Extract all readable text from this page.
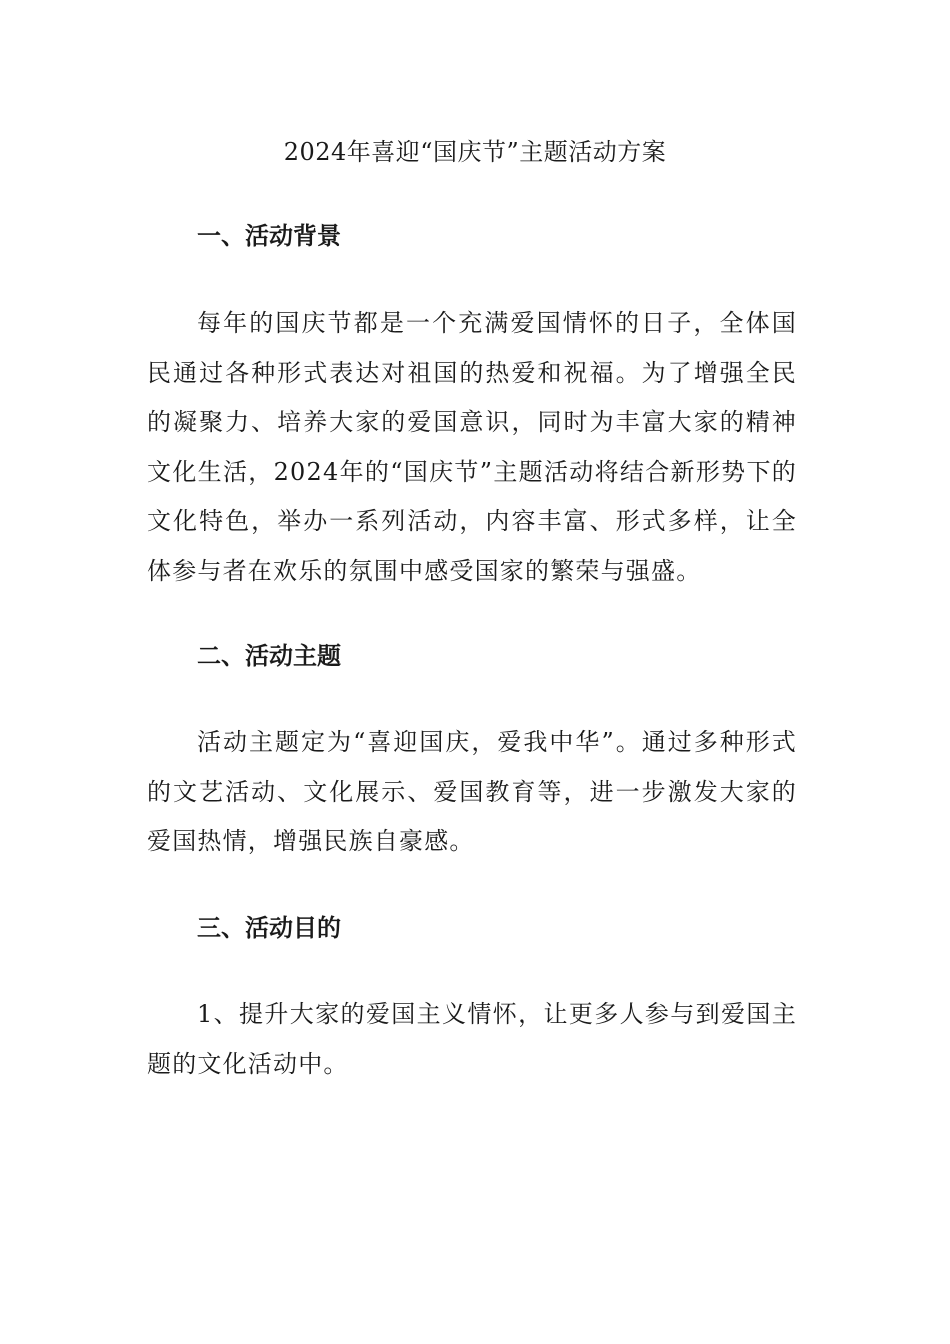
2024年喜迎“国庆节”主题活动方案
一、活动背景

每年的国庆节都是一个充满爱国情怀的日子，全体国民通过各种形式表达对祖国的热爱和祝福。为了增强全民的凝聚力、培养大家的爱国意识，同时为丰富大家的精神文化生活，2024年的“国庆节”主题活动将结合新形势下的文化特色，举办一系列活动，内容丰富、形式多样，让全体参与者在欢乐的氛围中感受国家的繁荣与强盛。

二、活动主题

活动主题定为“喜迎国庆，爱我中华”。通过多种形式的文艺活动、文化展示、爱国教育等，进一步激发大家的爱国热情，增强民族自豪感。

三、活动目的

1、提升大家的爱国主义情怀，让更多人参与到爱国主题的文化活动中。
